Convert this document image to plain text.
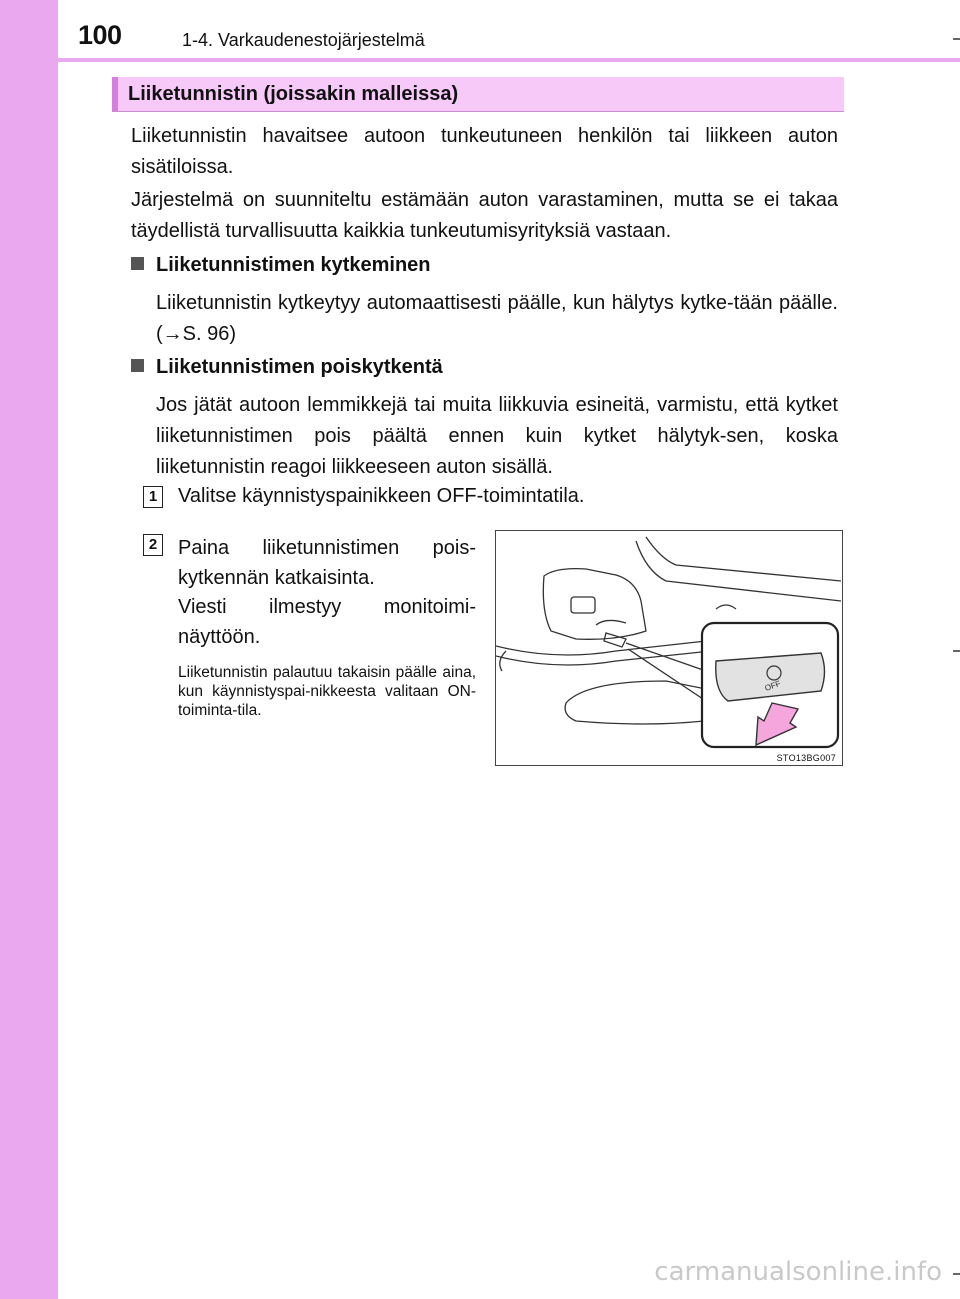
100	1-4. Varkaudenestojärjestelmä
Liiketunnistin (joissakin malleissa)

Liiketunnistin havaitsee autoon tunkeutuneen henkilön tai liikkeen auton sisätiloissa.

Järjestelmä on suunniteltu estämään auton varastaminen, mutta se ei takaa täydellistä turvallisuutta kaikkia tunkeutumisyrityksiä vastaan.

Liiketunnistimen kytkeminen

Liiketunnistin kytkeytyy automaattisesti päälle, kun hälytys kytke-tään päälle. (→S. 96)

Liiketunnistimen poiskytkentä

Jos jätät autoon lemmikkejä tai muita liikkuvia esineitä, varmistu, että kytket liiketunnistimen pois päältä ennen kuin kytket hälytyk-sen, koska liiketunnistin reagoi liikkeeseen auton sisällä.

1 Valitse käynnistyspainikkeen OFF-toimintatila.
2 Paina liiketunnistimen pois-kytkennän katkaisinta.

Viesti ilmestyy monitoimi-näyttöön.

Liiketunnistin palautuu takaisin päälle aina, kun käynnistyspai-nikkeesta valitaan ON-toiminta-tila.

OFF
STO13BG007
carmanualsonline.info
